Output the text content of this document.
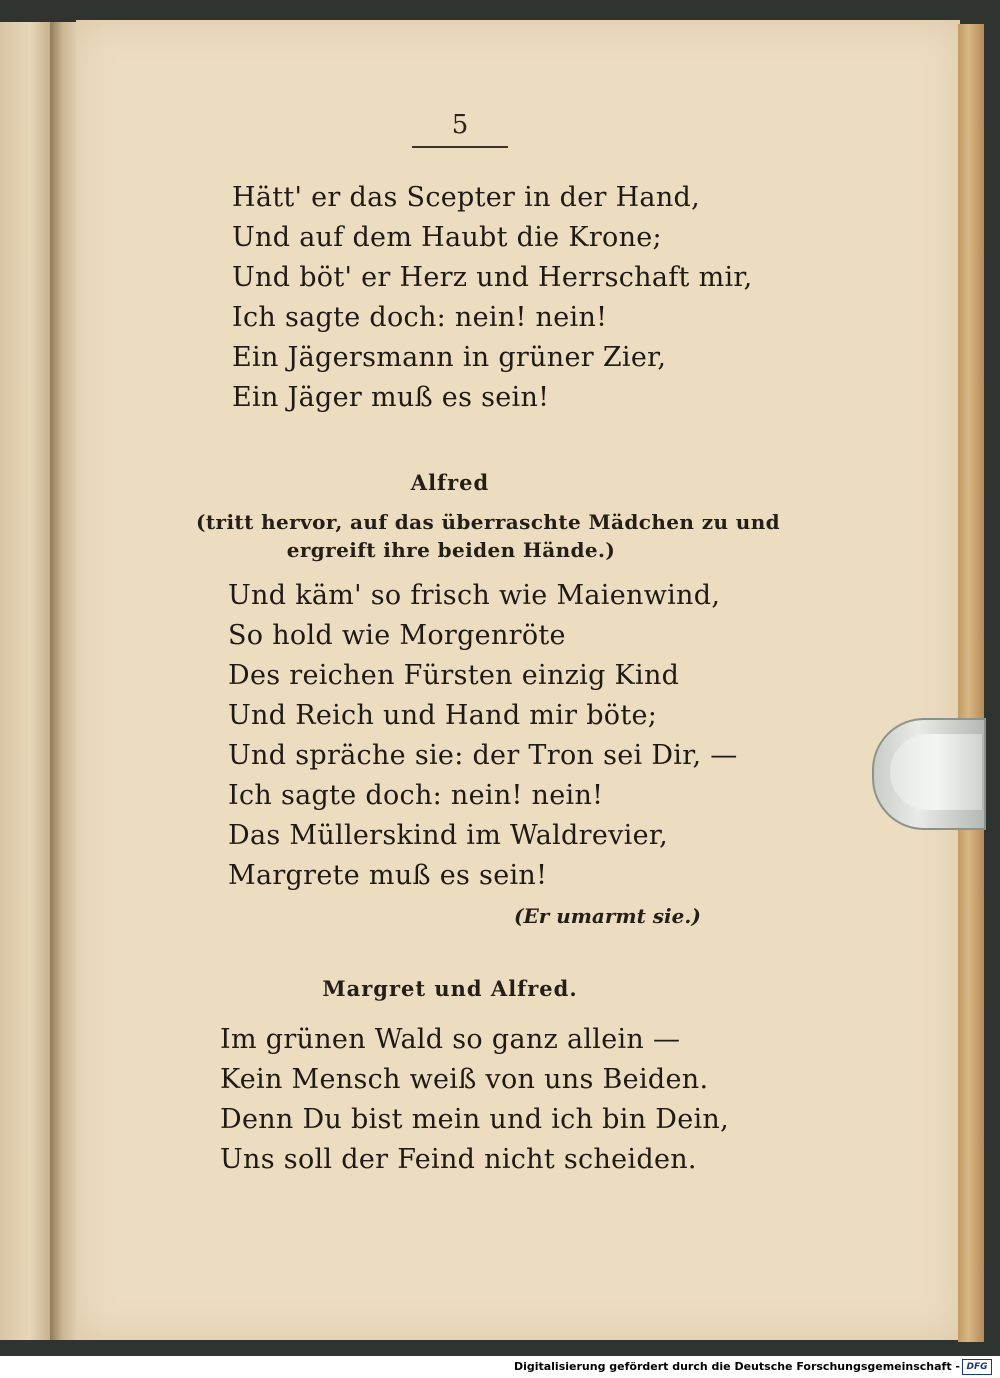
5
Hätt' er das Scepter in der Hand,
Und auf dem Haubt die Krone;
Und böt' er Herz und Herrschaft mir,
Ich sagte doch: nein! nein!
Ein Jägersmann in grüner Zier,
Ein Jäger muß es sein!
Alfred
(tritt hervor, auf das überraschte Mädchen zu und
ergreift ihre beiden Hände.)
Und käm' so frisch wie Maienwind,
So hold wie Morgenröte
Des reichen Fürsten einzig Kind
Und Reich und Hand mir böte;
Und spräche sie: der Tron sei Dir, —
Ich sagte doch: nein! nein!
Das Müllerskind im Waldrevier,
Margrete muß es sein!
(Er umarmt sie.)
Margret und Alfred.
Im grünen Wald so ganz allein —
Kein Mensch weiß von uns Beiden.
Denn Du bist mein und ich bin Dein,
Uns soll der Feind nicht scheiden.
Digitalisierung gefördert durch die Deutsche Forschungsgemeinschaft - DFG
